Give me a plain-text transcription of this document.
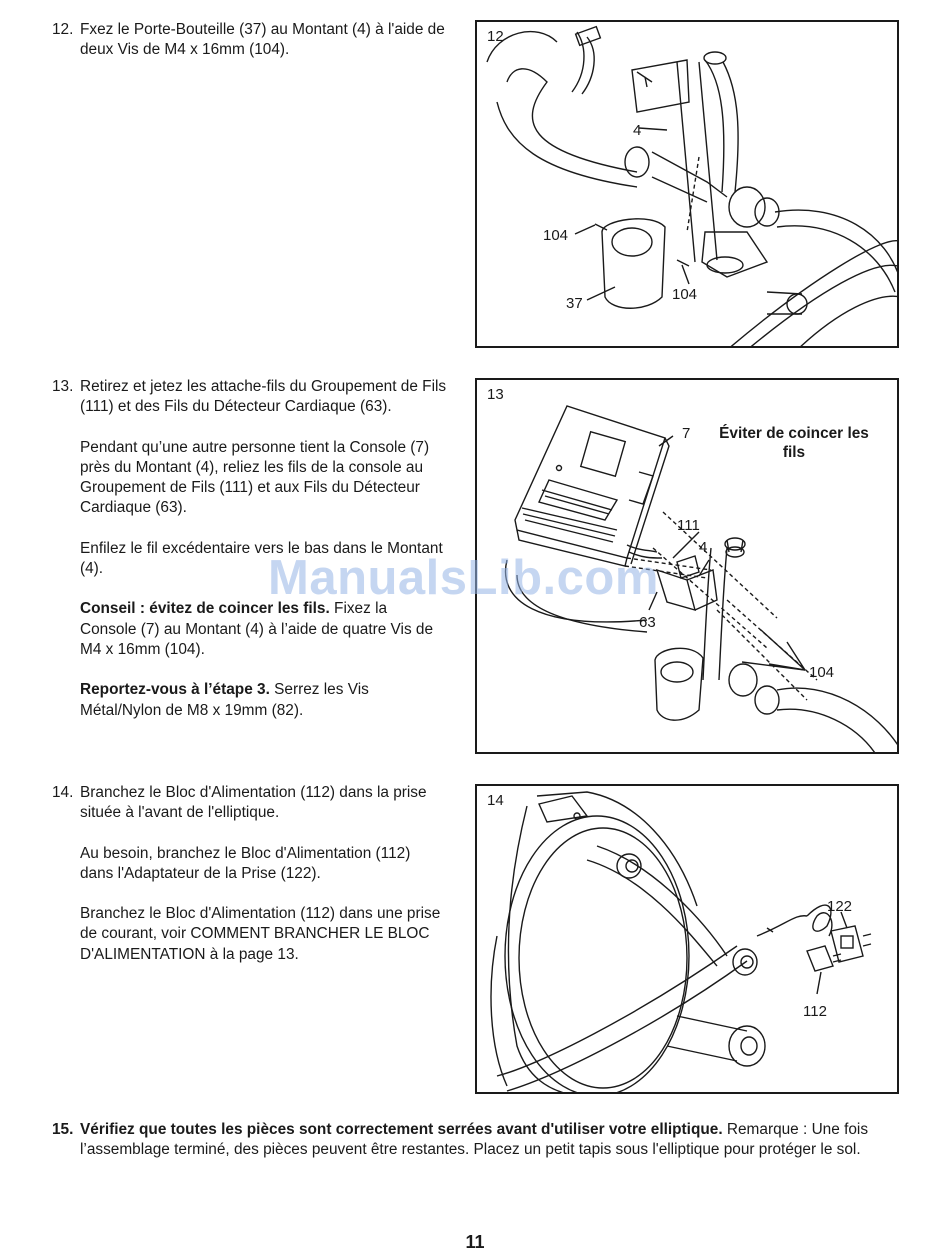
12. Fxez le Porte-Bouteille (37) au Montant (4) à l'aide de deux Vis de M4 x 16mm (104).

12
4
104
104
37
13. Retirez et jetez les attache-fils du Groupement de Fils (111) et des Fils du Détecteur Cardiaque (63).

Pendant qu’une autre personne tient la Console (7) près du Montant (4), reliez les fils de la console au Groupement de Fils (111) et aux Fils du Détecteur Cardiaque (63).

Enfilez le fil excédentaire vers le bas dans le Montant (4).

Conseil : évitez de coincer les fils. Fixez la Console (7) au Montant (4) à l’aide de quatre Vis de M4 x 16mm (104).

Reportez-vous à l’étape 3. Serrez les Vis Métal/Nylon de M8 x 19mm (82).

13
Éviter de coincer les fils
7
111
4
63
104
14. Branchez le Bloc d'Alimentation (112) dans la prise située à l'avant de l'elliptique.

Au besoin, branchez le Bloc d'Alimentation (112) dans l'Adaptateur de la Prise (122).

Branchez le Bloc d'Alimentation (112) dans une prise de courant, voir COMMENT BRANCHER LE BLOC D'ALIMENTATION à la page 13.

14
122
112
15. Vérifiez que toutes les pièces sont correctement serrées avant d'utiliser votre elliptique. Remarque : Une fois l’assemblage terminé, des pièces peuvent être restantes. Placez un petit tapis sous l'elliptique pour protéger le sol.
ManualsLib.com
11
